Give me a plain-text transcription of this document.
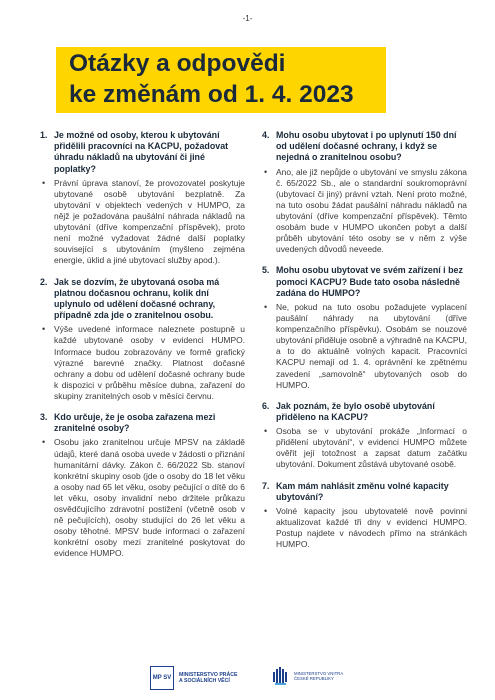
-1-
Otázky a odpovědi
ke změnám od 1. 4. 2023
1. Je možné od osoby, kterou k ubytování přidělili pracovníci na KACPU, požadovat úhradu nákladů na ubytování či jiné poplatky?
•	Právní úprava stanoví, že provozovatel poskytuje ubytované osobě ubytování bezplatně. Za ubytování v objektech vedených v HUMPO, za nějž je požadována paušální náhrada nákladů na ubytování (dříve kompenzační příspěvek), proto není možné vyžadovat žádné další poplatky související s ubytováním (myšleno zejména energie, úklid a jiné ubytovací služby apod.).
2. Jak se dozvím, že ubytovaná osoba má platnou dočasnou ochranu, kolik dní uplynulo od udělení dočasné ochrany, případně zda jde o zranitelnou osobu.
•	Výše uvedené informace naleznete postupně u každé ubytované osoby v evidenci HUMPO. Informace budou zobrazovány ve formě grafický výrazné barevné značky. Platnost dočasné ochrany a dobu od udělení dočasné ochrany bude k dispozici v průběhu měsíce dubna, zařazení do skupiny zranitelných osob v měsíci červnu.
3. Kdo určuje, že je osoba zařazena mezi zranitelné osoby?
•	Osobu jako zranitelnou určuje MPSV na základě údajů, které daná osoba uvede v žádosti o přiznání humanitární dávky. Zákon č. 66/2022 Sb. stanoví konkrétní skupiny osob (jde o osoby do 18 let věku a osoby nad 65 let věku, osoby pečující o dítě do 6 let věku, osoby invalidní nebo držitele průkazu osvědčujícího zdravotní postižení (včetně osob v ně pečujících), osoby studující do 26 let věku a osoby těhotné. MPSV bude informaci o zařazení konkrétní osoby mezi zranitelné poskytovat do evidence HUMPO.
4. Mohu osobu ubytovat i po uplynutí 150 dní od udělení dočasné ochrany, i když se nejedná o zranitelnou osobu?
•	Ano, ale již nepůjde o ubytování ve smyslu zákona č. 65/2022 Sb., ale o standardní soukromoprávní (ubytovací či jiný) právní vztah. Není proto možné, na tuto osobu žádat paušální náhradu nákladů na ubytování (dříve kompenzační příspěvek). Těmto osobám bude v HUMPO ukončen pobyt a další průběh ubytování této osoby se v něm z výše uvedených důvodů neveede.
5. Mohu osobu ubytovat ve svém zařízení i bez pomoci KACPU? Bude tato osoba následně zadána do HUMPO?
•	Ne, pokud na tuto osobu požadujete vyplacení paušální náhrady na ubytování (dříve kompenzačního příspěvku). Osobám se nouzové ubytování přiděluje osobně a výhradně na KACPU, a to do aktuálně volných kapacit. Pracovníci KACPU nemají od 1. 4. oprávnění ke zpětnému zavedení „samovolně“ ubytovaných osob do HUMPO.
6. Jak poznám, že bylo osobě ubytování přiděleno na KACPU?
•	Osoba se v ubytování prokáže „Informací o přidělení ubytování“, v evidenci HUMPO můžete ověřit její totožnost a zapsat datum začátku ubytování. Dokument zůstává ubytované osobě.
7. Kam mám nahlásit změnu volné kapacity ubytování?
•	Volné kapacity jsou ubytovatelé nově povinni aktualizovat každé tři dny v evidenci HUMPO. Postup najdete v návodech přímo na stránkách HUMPO.
MP SV
MINISTERSTVO PRÁCE
A SOCIÁLNÍCH VĚCÍ
MINISTERSTVO VNITRA
ČESKÉ REPUBLIKY
